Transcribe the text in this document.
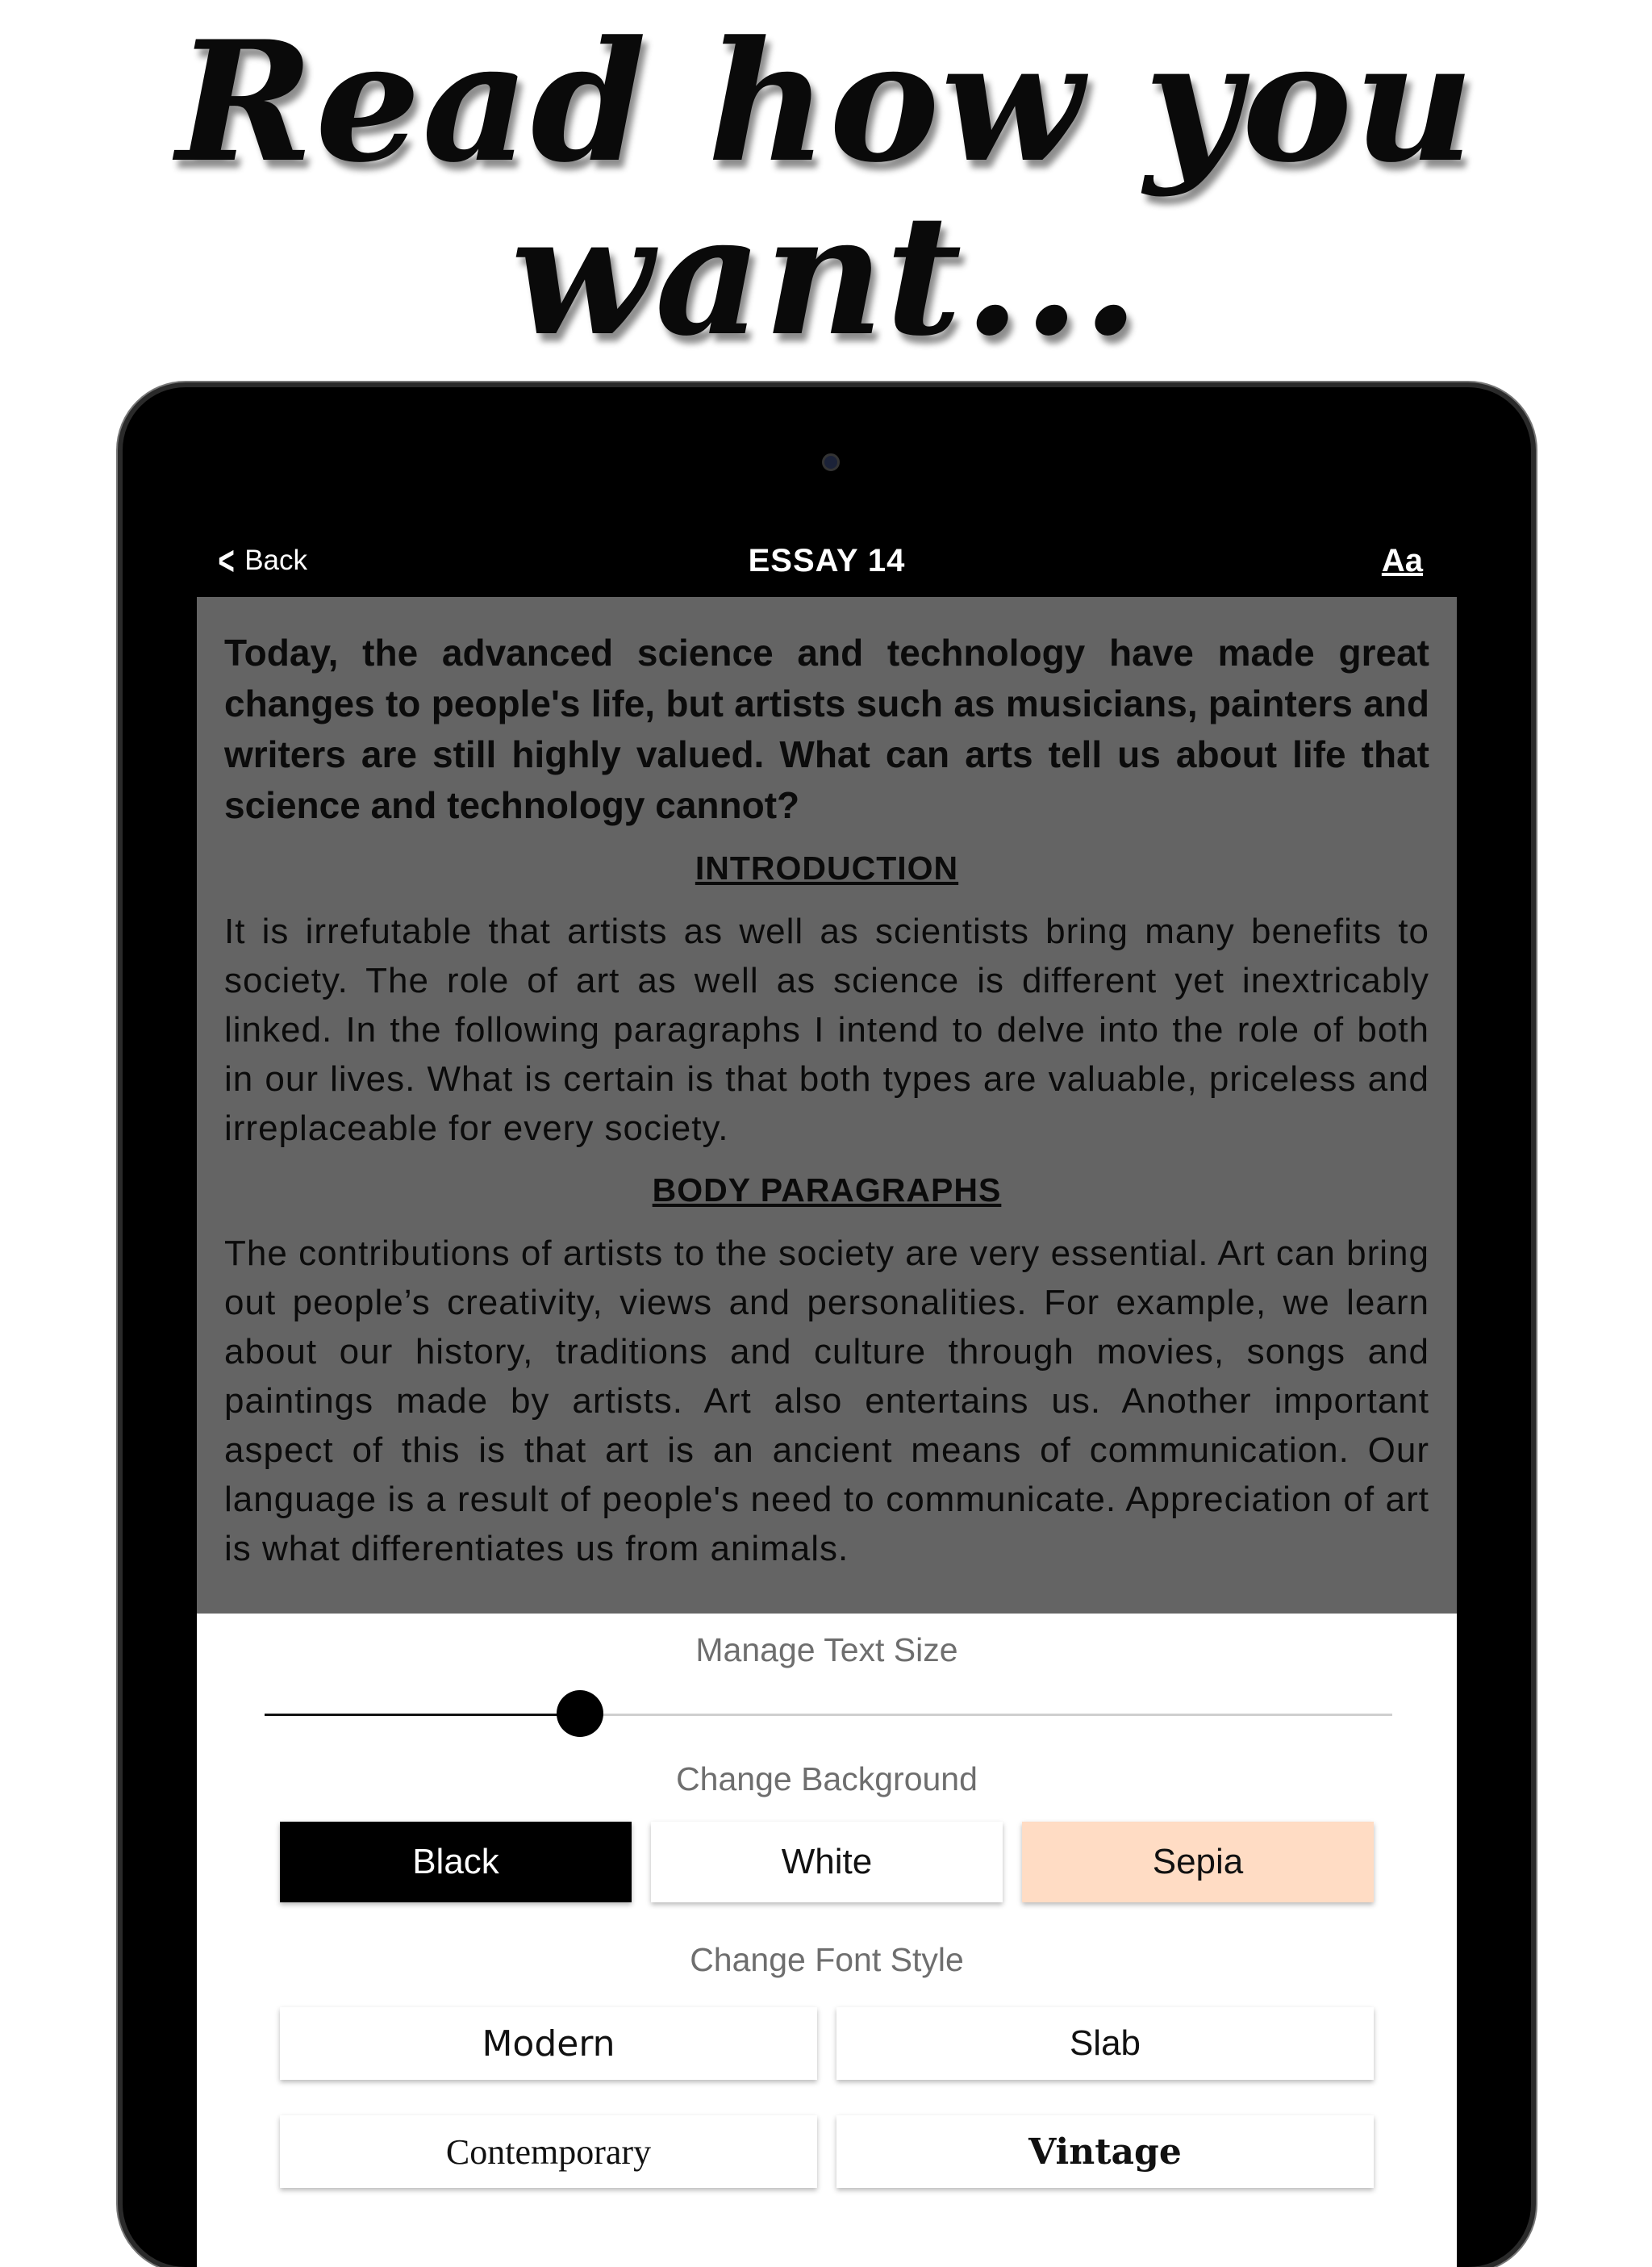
Read how you want...
< Back	ESSAY 14	Aa

Today, the advanced science and technology have made great changes to people's life, but artists such as musicians, painters and writers are still highly valued. What can arts tell us about life that science and technology cannot?

INTRODUCTION

It is irrefutable that artists as well as scientists bring many benefits to society. The role of art as well as science is different yet inextricably linked. In the following paragraphs I intend to delve into the role of both in our lives. What is certain is that both types are valuable, priceless and irreplaceable for every society.

BODY PARAGRAPHS

The contributions of artists to the society are very essential. Art can bring out people’s creativity, views and personalities. For example, we learn about our history, traditions and culture through movies, songs and paintings made by artists. Art also entertains us. Another important aspect of this is that art is an ancient means of communication. Our language is a result of people's need to communicate. Appreciation of art is what differentiates us from animals.

Manage Text Size
Change Background
Black	White	Sepia
Change Font Style
Modern	Slab
Contemporary	Vintage
